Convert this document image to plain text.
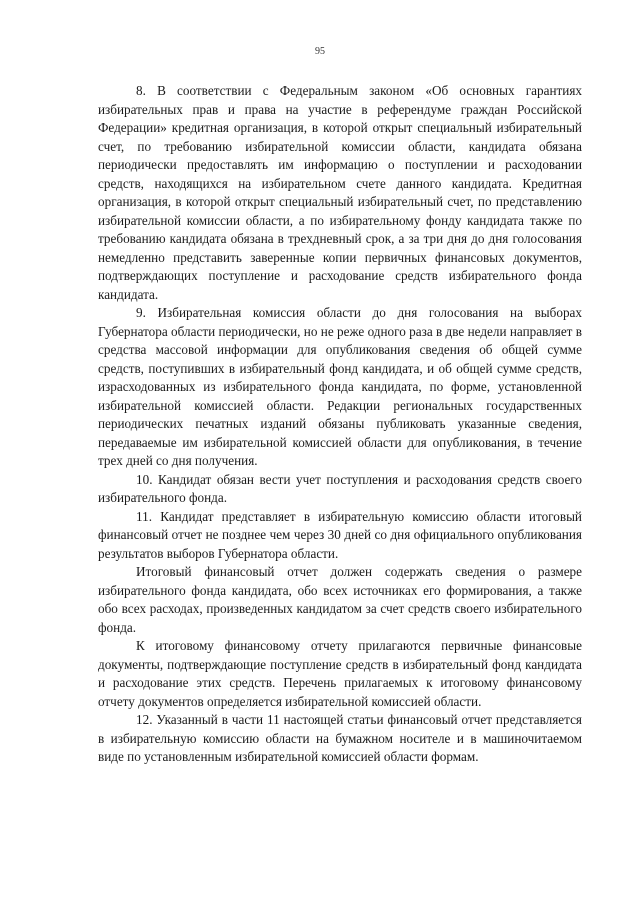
95

8. В соответствии с Федеральным законом «Об основных гарантиях избирательных прав и права на участие в референдуме граждан Российской Федерации» кредитная организация, в которой открыт специальный избирательный счет, по требованию избирательной комиссии области, кандидата обязана периодически предоставлять им информацию о поступлении и расходовании средств, находящихся на избирательном счете данного кандидата. Кредитная организация, в которой открыт специальный избирательный счет, по представлению избирательной комиссии области, а по избирательному фонду кандидата также по требованию кандидата обязана в трехдневный срок, а за три дня до дня голосования немедленно представить заверенные копии первичных финансовых документов, подтверждающих поступление и расходование средств избирательного фонда кандидата.

9. Избирательная комиссия области до дня голосования на выборах Губернатора области периодически, но не реже одного раза в две недели направляет в средства массовой информации для опубликования сведения об общей сумме средств, поступивших в избирательный фонд кандидата, и об общей сумме средств, израсходованных из избирательного фонда кандидата, по форме, установленной избирательной комиссией области. Редакции региональных государственных периодических печатных изданий обязаны публиковать указанные сведения, передаваемые им избирательной комиссией области для опубликования, в течение трех дней со дня получения.

10. Кандидат обязан вести учет поступления и расходования средств своего избирательного фонда.

11. Кандидат представляет в избирательную комиссию области итоговый финансовый отчет не позднее чем через 30 дней со дня официального опубликования результатов выборов Губернатора области.

Итоговый финансовый отчет должен содержать сведения о размере избирательного фонда кандидата, обо всех источниках его формирования, а также обо всех расходах, произведенных кандидатом за счет средств своего избирательного фонда.

К итоговому финансовому отчету прилагаются первичные финансовые документы, подтверждающие поступление средств в избирательный фонд кандидата и расходование этих средств. Перечень прилагаемых к итоговому финансовому отчету документов определяется избирательной комиссией области.

12. Указанный в части 11 настоящей статьи финансовый отчет представляется в избирательную комиссию области на бумажном носителе и в машиночитаемом виде по установленным избирательной комиссией области формам.
